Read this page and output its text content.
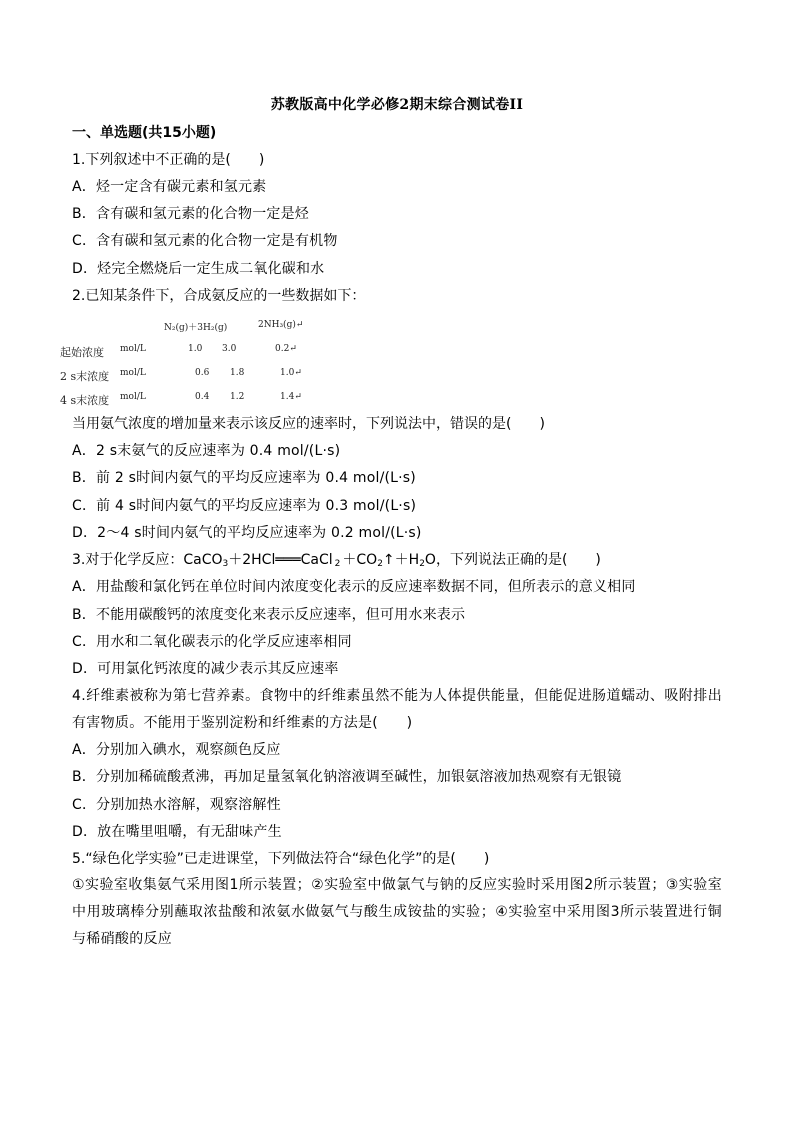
苏教版高中化学必修2期末综合测试卷II
一、单选题(共15小题)
1.下列叙述中不正确的是(　　)
A．烃一定含有碳元素和氢元素
B．含有碳和氢元素的化合物一定是烃
C．含有碳和氢元素的化合物一定是有机物
D．烃完全燃烧后一定生成二氧化碳和水
2.已知某条件下，合成氨反应的一些数据如下：
N₂(g)＋3H₂(g)	2NH₃(g)↵
起始浓度 mol/L	1.0 3.0	0.2↵
2 s末浓度 mol/L	0.6 1.8	1.0↵
4 s末浓度 mol/L	0.4 1.2	1.4↵
当用氨气浓度的增加量来表示该反应的速率时，下列说法中，错误的是(　　)
A．2 s末氨气的反应速率为 0.4 mol/(L·s)
B．前 2 s时间内氨气的平均反应速率为 0.4 mol/(L·s)
C．前 4 s时间内氨气的平均反应速率为 0.3 mol/(L·s)
D．2～4 s时间内氨气的平均反应速率为 0.2 mol/(L·s)
3.对于化学反应：CaCO$_3$＋2HCl═══CaCl $_2 +CO_2↑+H_2O$，下列说法正确的是(　　)
A．用盐酸和氯化钙在单位时间内浓度变化表示的反应速率数据不同，但所表示的意义相同
B．不能用碳酸钙的浓度变化来表示反应速率，但可用水来表示
C．用水和二氧化碳表示的化学反应速率相同
D．可用氯化钙浓度的减少表示其反应速率
4.纤维素被称为第七营养素。食物中的纤维素虽然不能为人体提供能量，但能促进肠道蠕动、吸附排出有害物质。不能用于鉴别淀粉和纤维素的方法是(　　)
A．分别加入碘水，观察颜色反应
B．分别加稀硫酸煮沸，再加足量氢氧化钠溶液调至碱性，加银氨溶液加热观察有无银镜
C．分别加热水溶解，观察溶解性
D．放在嘴里咀嚼，有无甜味产生
5.“绿色化学实验”已走进课堂，下列做法符合“绿色化学”的是(　　)
①实验室收集氨气采用图1所示装置；②实验室中做氯气与钠的反应实验时采用图2所示装置；③实验室中用玻璃棒分别蘸取浓盐酸和浓氨水做氨气与酸生成铵盐的实验；④实验室中采用图3所示装置进行铜与稀硝酸的反应
